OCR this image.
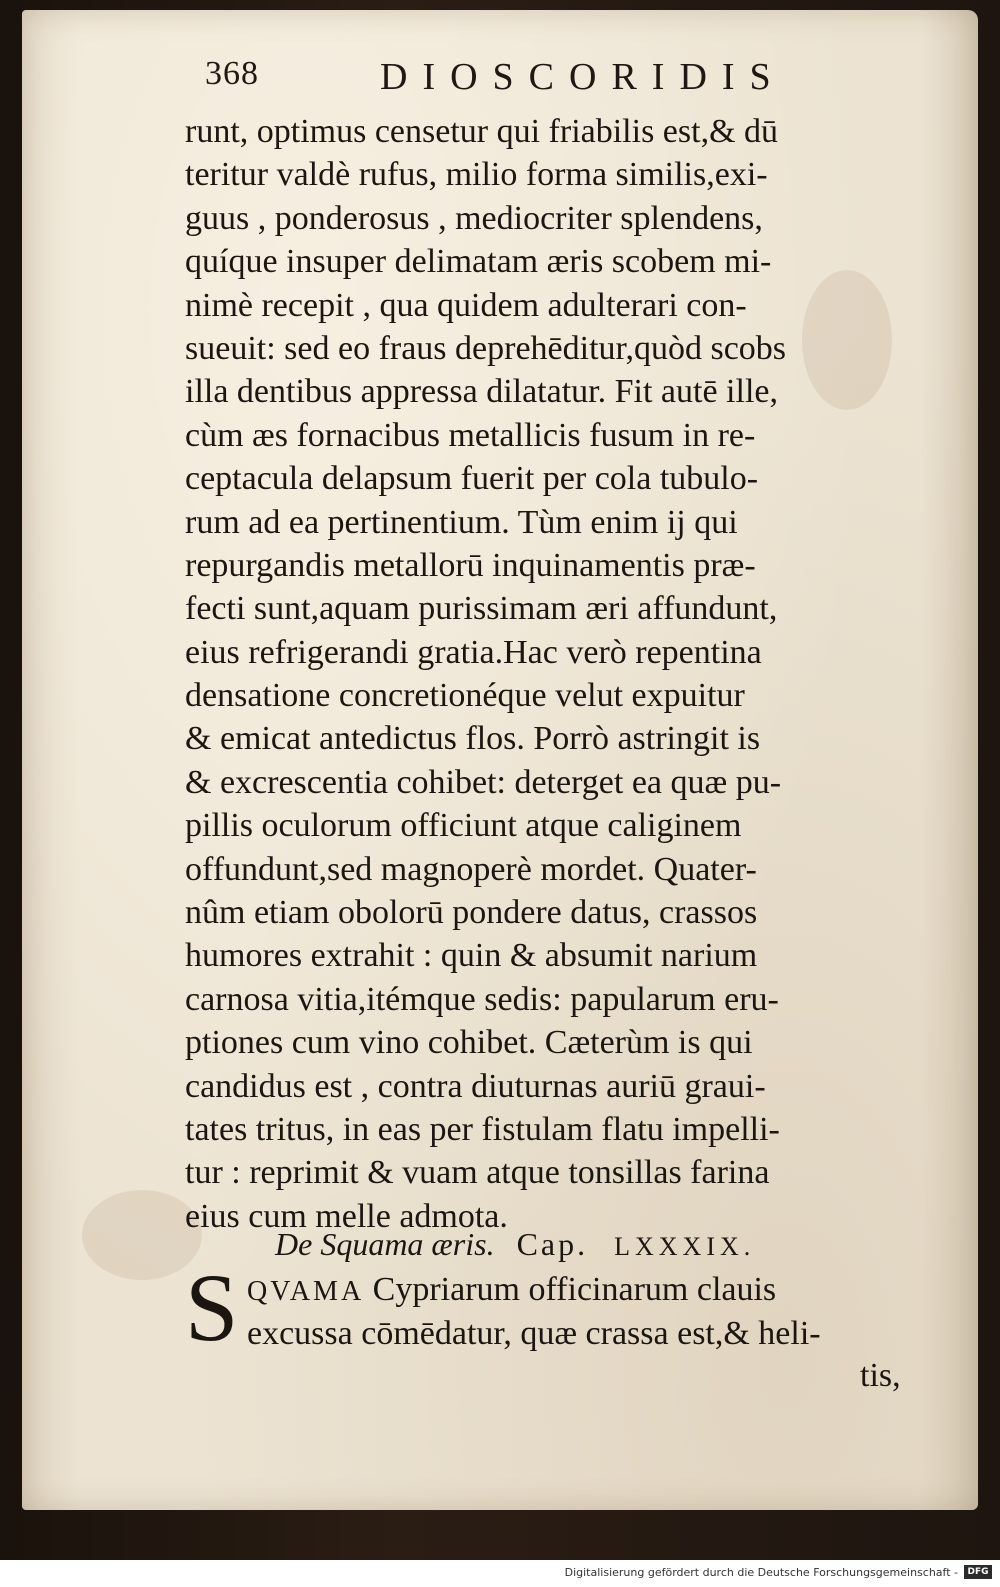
368	DIOSCORIDIS
runt, optimus censetur qui friabilis est,& dū
teritur valdè rufus, milio forma similis,exi-
guus , ponderosus , mediocriter splendens,
quíque insuper delimatam æris scobem mi-
nimè recepit , qua quidem adulterari con-
sueuit: sed eo fraus deprehēditur,quòd scobs
illa dentibus appressa dilatatur. Fit autē ille,
cùm æs fornacibus metallicis fusum in re-
ceptacula delapsum fuerit per cola tubulo-
rum ad ea pertinentium. Tùm enim ij qui
repurgandis metallorū inquinamentis præ-
fecti sunt,aquam purissimam æri affundunt,
eius refrigerandi gratia.Hac verò repentina
densatione concretionéque velut expuitur
& emicat antedictus flos. Porrò astringit is
& excrescentia cohibet: deterget ea quæ pu-
pillis oculorum officiunt atque caliginem
offundunt,sed magnoperè mordet. Quater-
nûm etiam obolorū pondere datus, crassos
humores extrahit : quin & absumit narium
carnosa vitia,itémque sedis: papularum eru-
ptiones cum vino cohibet. Cæterùm is qui
candidus est , contra diuturnas auriū graui-
tates tritus, in eas per fistulam flatu impelli-
tur : reprimit & vuam atque tonsillas farina
eius cum melle admota.
De Squama æris. Cap. LXXXIX.
S QVAMA Cypriarum officinarum clauis
excussa cōmēdatur, quæ crassa est,& heli-
tis,
Digitalisierung gefördert durch die Deutsche Forschungsgemeinschaft -	DFG
